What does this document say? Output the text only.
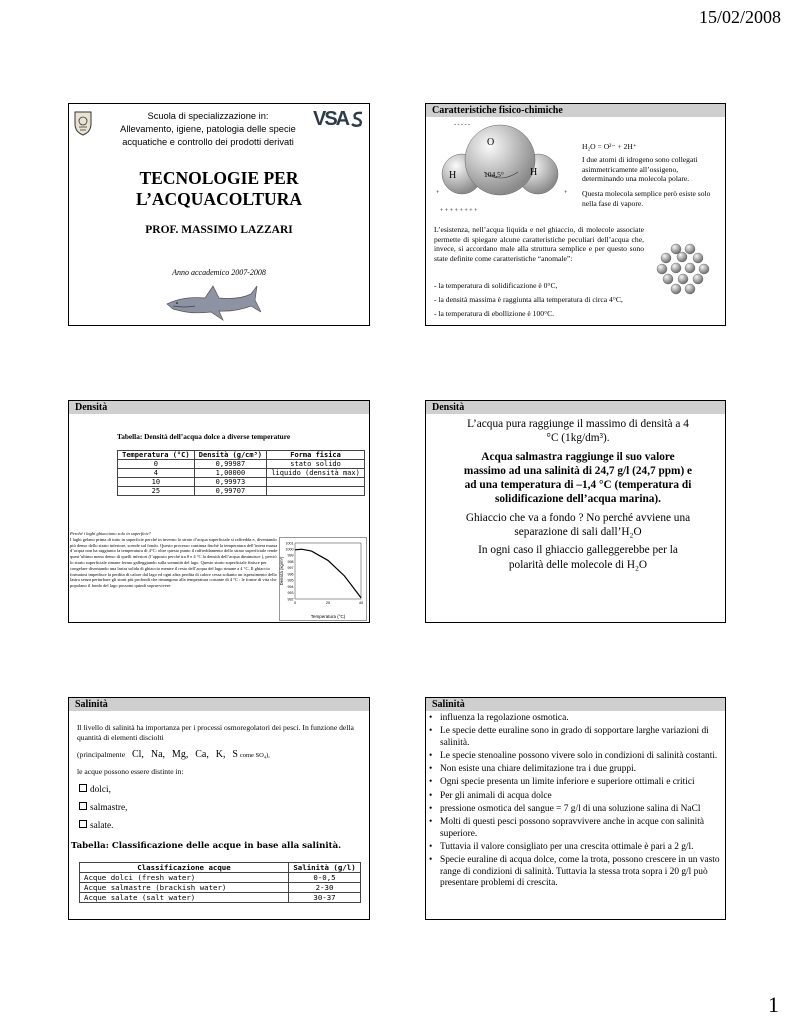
15/02/2008
1
Scuola di specializzazione in:
Allevamento, igiene, patologia delle specie
acquatiche e controllo dei prodotti derivati
VSA
TECNOLOGIE PER
L’ACQUACOLTURA
PROF. MASSIMO LAZZARI
Anno accademico 2007-2008
Caratteristiche fisico-chimiche
- - - - -
+
+ + + + + + + +
+
O
H	H
104,5°
H₂O = O²⁻ + 2H⁺
I due atomi di idrogeno sono collegati asimmetricamente all’ossigeno, determinando una molecola polare.
Questa molecola semplice però esiste solo nella fase di vapore.
L’esistenza, nell’acqua liquida e nel ghiaccio, di molecole associate permette di spiegare alcune caratteristiche peculiari dell’acqua che, invece, si accordano male alla struttura semplice e per questo sono state definite come caratteristiche “anomale”:
- la temperatura di solidificazione è 0°C,
- la densità massima è raggiunta alla temperatura di circa 4°C,
- la temperatura di ebollizione è 100°C.
Densità
Tabella: Densità dell’acqua dolce a diverse temperature
Temperatura (°C)	Densità (g/cm³)	Forma fisica
0	0,99987	stato solido
4	1,00000	liquido (densità max)
10	0,99973	
25	0,99707	
Perché i laghi ghiacciano solo in superficie?
I laghi gelano prima di tutto in superficie perché in inverno lo strato d’acqua superficiale si raffredda e, diventando più denso dello strato inferiore, scende sul fondo. Questo processo continua finché la temperatura dell’intera massa d’acqua non ha raggiunto la temperatura di 4°C: oltre questo punto il raffreddamento dello strato superficiale rende quest’ultimo meno denso di quelli inferiori (l’apposto perché tra 0 e 4 °C la densità dell’acqua diminuisce ), perciò lo strato superficiale rimane fermo galleggiando sulla sommità del lago. Questo strato superficiale finisce per congelare diventando una lastra solida di ghiaccio mentre il resto dell’acqua del lago rimane a 4 °C. Il ghiaccio formatosi impedisce la perdita di calore dal lago ed ogni altra perdita di calore cessa soltanto un ispessimento della lastra senza perturbare gli strati più profondi che rimangono alla temperatura costante di 4 °C : le forme di vita che popolano il fondo del lago possono quindi sopravvivere.
1001
1000
999
998
997
996
995
994
993
992
0	20	40
Temperatura (°C)
Densità (kg/m³)
Densità
L’acqua pura raggiunge il massimo di densità a 4 °C (1kg/dm³).
Acqua salmastra raggiunge il suo valore massimo ad una salinità di 24,7 g/l (24,7 ppm) e ad una temperatura di –1,4 °C (temperatura di solidificazione dell’acqua marina).
Ghiaccio che va a fondo ? No perché avviene una separazione di sali dall’H₂O
In ogni caso il ghiaccio galleggerebbe per la polarità delle molecole di H₂O
Salinità
Il livello di salinità ha importanza per i processi osmoregolatori dei pesci. In funzione della quantità di elementi disciolti
(principalmente Cl, Na, Mg, Ca, K, S come SO₄),
le acque possono essere distinte in:
dolci,
salmastre,
salate.
Tabella: Classificazione delle acque in base alla salinità.
Classificazione acque	Salinità (g/l)
Acque dolci (fresh water)	0-0,5
Acque salmastre (brackish water)	2-30
Acque salate (salt water)	30-37
Salinità
• influenza la regolazione osmotica.
• Le specie dette euraline sono in grado di sopportare larghe variazioni di salinità.
• Le specie stenoaline possono vivere solo in condizioni di salinità costanti.
• Non esiste una chiare delimitazione tra i due gruppi.
• Ogni specie presenta un limite inferiore e superiore ottimali e critici
• Per gli animali di acqua dolce
• pressione osmotica del sangue = 7 g/l di una soluzione salina di NaCl
• Molti di questi pesci possono sopravvivere anche in acque con salinità superiore.
• Tuttavia il valore consigliato per una crescita ottimale è pari a 2 g/l.
• Specie euraline di acqua dolce, come la trota, possono crescere in un vasto range di condizioni di salinità. Tuttavia la stessa trota sopra i 20 g/l può presentare problemi di crescita.
